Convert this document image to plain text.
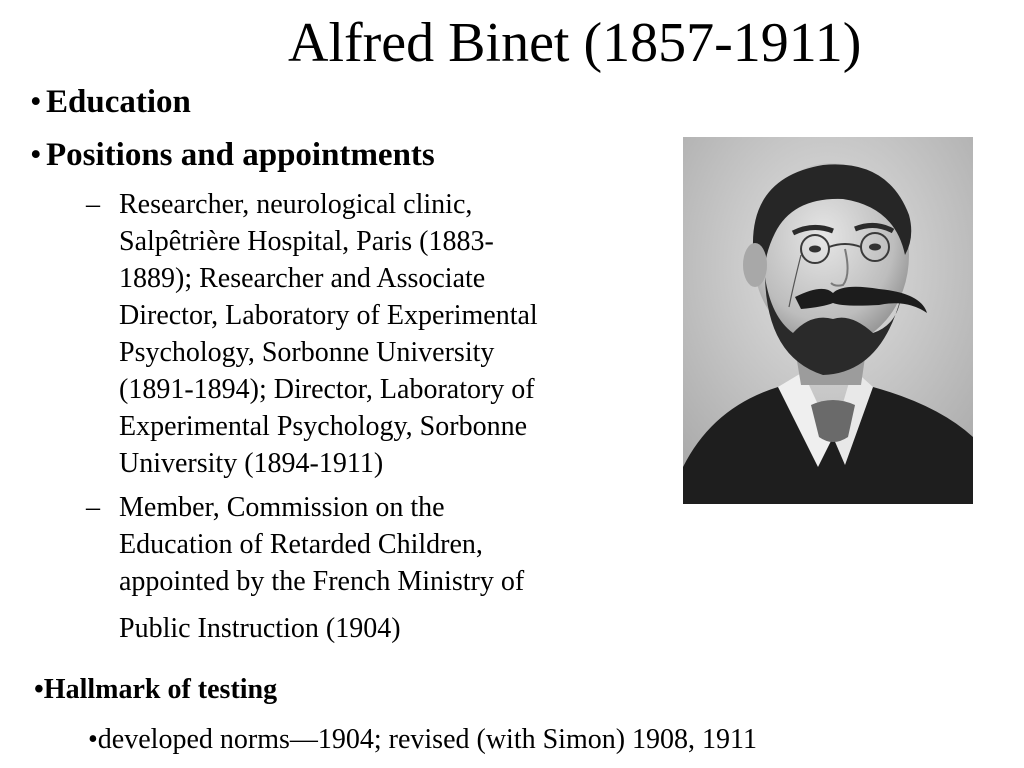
Alfred Binet (1857-1911)
• Education
• Positions and appointments
– Researcher, neurological clinic,
Salpêtrière Hospital, Paris (1883-
1889); Researcher and Associate
Director, Laboratory of Experimental
Psychology, Sorbonne University
(1891-1894); Director, Laboratory of
Experimental Psychology, Sorbonne
University (1894-1911)
– Member, Commission on the
Education of Retarded Children,
appointed by the French Ministry of
Public Instruction (1904)
•Hallmark of testing
•developed norms—1904; revised (with Simon) 1908, 1911
